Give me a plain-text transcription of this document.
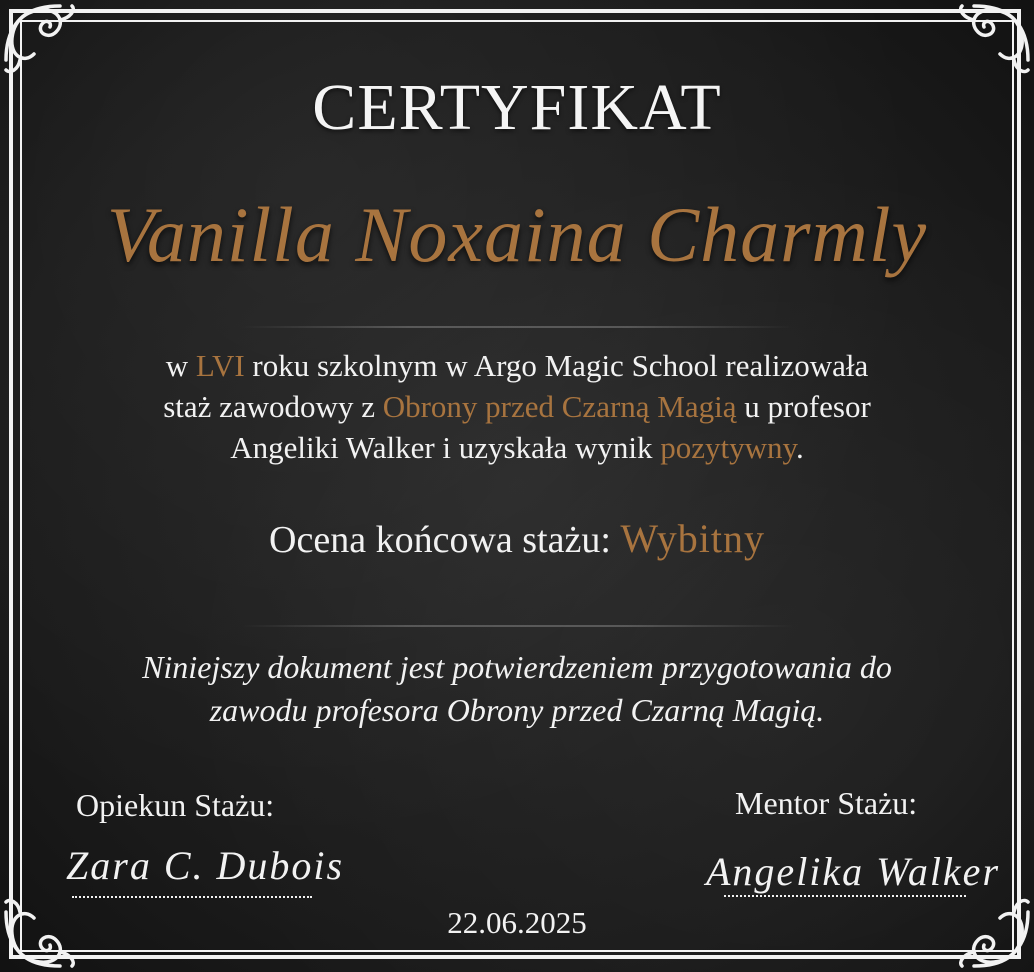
CERTYFIKAT
Vanilla Noxaina Charmly
w LVI roku szkolnym w Argo Magic School realizowała
staż zawodowy z Obrony przed Czarną Magią u profesor
Angeliki Walker i uzyskała wynik pozytywny.
Ocena końcowa stażu: Wybitny
Niniejszy dokument jest potwierdzeniem przygotowania do
zawodu profesora Obrony przed Czarną Magią.
Opiekun Stażu:	Mentor Stażu:
Zara C. Dubois	Angelika Walker
22.06.2025
